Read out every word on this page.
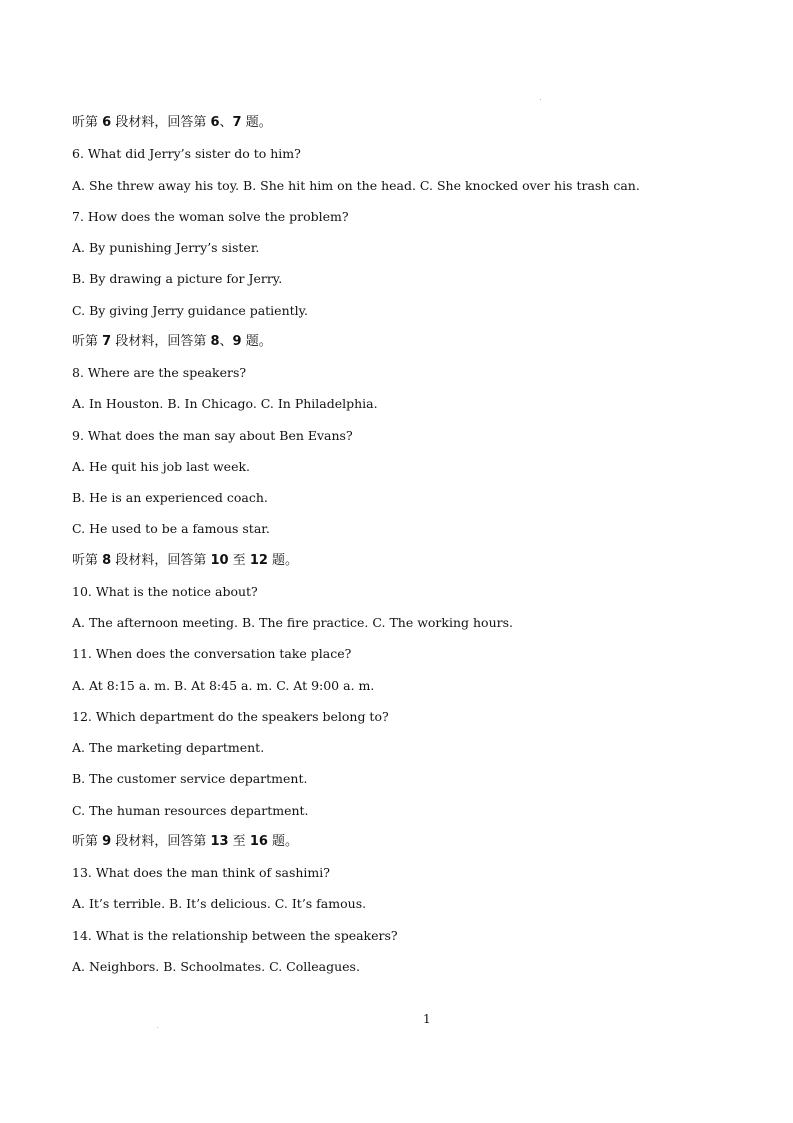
听第 6 段材料，回答第 6、7 题。
6. What did Jerry’s sister do to him?
A. She threw away his toy. B. She hit him on the head. C. She knocked over his trash can.
7. How does the woman solve the problem?
A. By punishing Jerry’s sister.
B. By drawing a picture for Jerry.
C. By giving Jerry guidance patiently.
听第 7 段材料，回答第 8、9 题。
8. Where are the speakers?
A. In Houston. B. In Chicago. C. In Philadelphia.
9. What does the man say about Ben Evans?
A. He quit his job last week.
B. He is an experienced coach.
C. He used to be a famous star.
听第 8 段材料，回答第 10 至 12 题。
10. What is the notice about?
A. The afternoon meeting. B. The fire practice. C. The working hours.
11. When does the conversation take place?
A. At 8:15 a. m. B. At 8:45 a. m. C. At 9:00 a. m.
12. Which department do the speakers belong to?
A. The marketing department.
B. The customer service department.
C. The human resources department.
听第 9 段材料，回答第 13 至 16 题。
13. What does the man think of sashimi?
A. It’s terrible. B. It’s delicious. C. It’s famous.
14. What is the relationship between the speakers?
A. Neighbors. B. Schoolmates. C. Colleagues.
1
